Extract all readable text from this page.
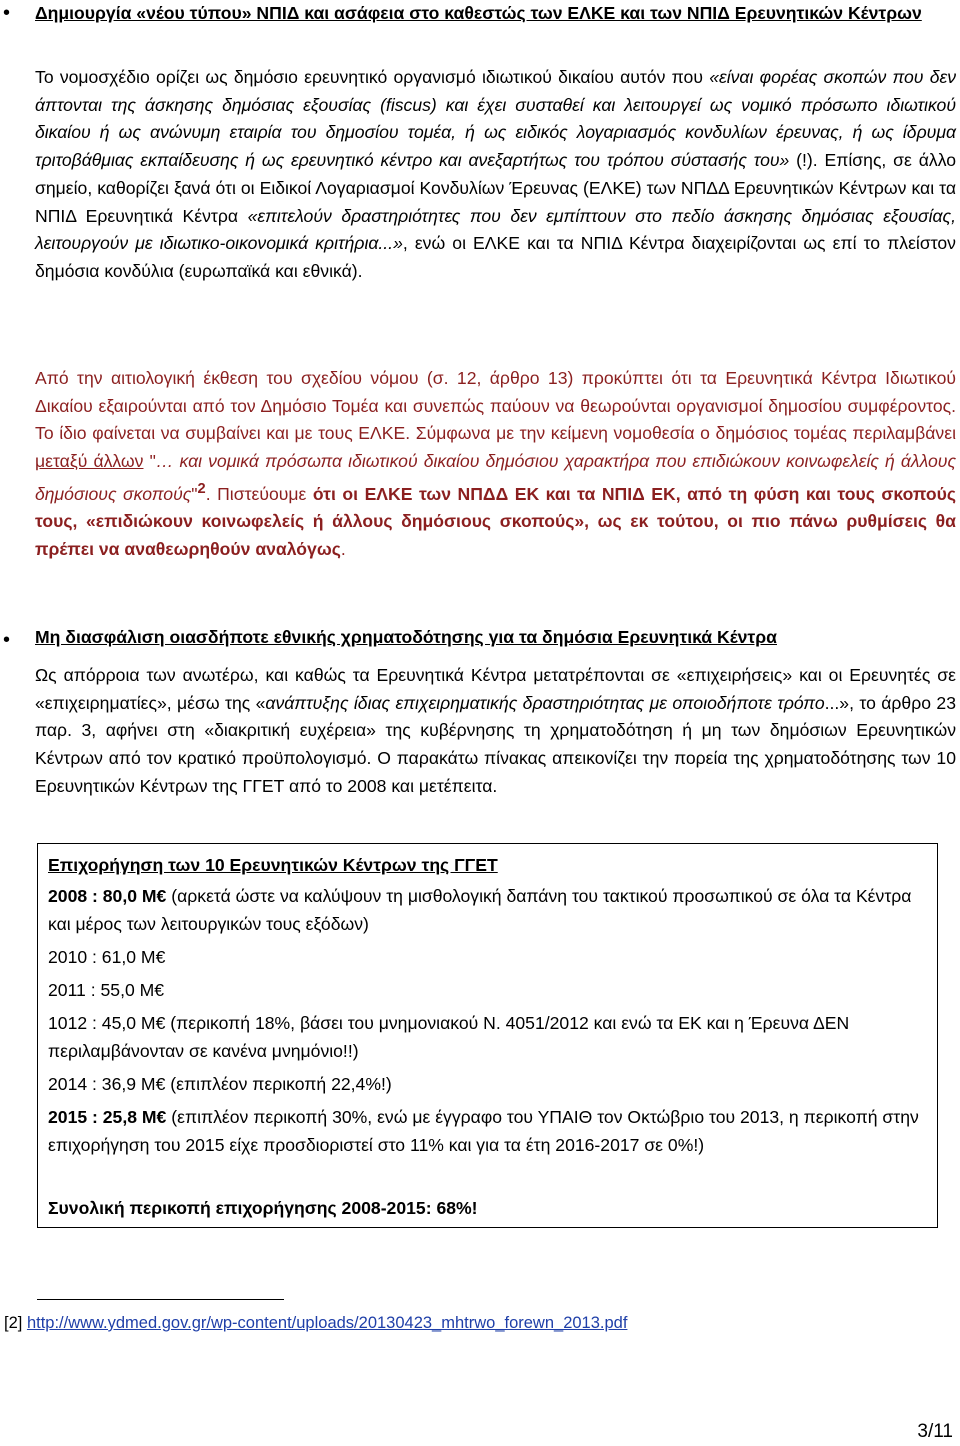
• Δημιουργία «νέου τύπου» ΝΠΙΔ και ασάφεια στο καθεστώς των ΕΛΚΕ και των ΝΠΙΔ Ερευνητικών Κέντρων

Το νομοσχέδιο ορίζει ως δημόσιο ερευνητικό οργανισμό ιδιωτικού δικαίου αυτόν που «είναι φορέας σκοπών που δεν άπτονται της άσκησης δημόσιας εξουσίας (fiscus) και έχει συσταθεί και λειτουργεί ως νομικό πρόσωπο ιδιωτικού δικαίου ή ως ανώνυμη εταιρία του δημοσίου τομέα, ή ως ειδικός λογαριασμός κονδυλίων έρευνας, ή ως ίδρυμα τριτοβάθμιας εκπαίδευσης ή ως ερευνητικό κέντρο και ανεξαρτήτως του τρόπου σύστασής του» (!). Επίσης, σε άλλο σημείο, καθορίζει ξανά ότι οι Ειδικοί Λογαριασμοί Κονδυλίων Έρευνας (ΕΛΚΕ) των ΝΠΔΔ Ερευνητικών Κέντρων και τα ΝΠΙΔ Ερευνητικά Κέντρα «επιτελούν δραστηριότητες που δεν εμπίπτουν στο πεδίο άσκησης δημόσιας εξουσίας, λειτουργούν με ιδιωτικο-οικονομικά κριτήρια...», ενώ οι ΕΛΚΕ και τα ΝΠΙΔ Κέντρα διαχειρίζονται ως επί το πλείστον δημόσια κονδύλια (ευρωπαϊκά και εθνικά).

Από την αιτιολογική έκθεση του σχεδίου νόμου (σ. 12, άρθρο 13) προκύπτει ότι τα Ερευνητικά Κέντρα Ιδιωτικού Δικαίου εξαιρούνται από τον Δημόσιο Τομέα και συνεπώς παύουν να θεωρούνται οργανισμοί δημοσίου συμφέροντος. Το ίδιο φαίνεται να συμβαίνει και με τους ΕΛΚΕ. Σύμφωνα με την κείμενη νομοθεσία ο δημόσιος τομέας περιλαμβάνει μεταξύ άλλων "… και νομικά πρόσωπα ιδιωτικού δικαίου δημόσιου χαρακτήρα που επιδιώκουν κοινωφελείς ή άλλους δημόσιους σκοπούς"$^2$. Πιστεύουμε ότι οι ΕΛΚΕ των ΝΠΔΔ ΕΚ και τα ΝΠΙΔ ΕΚ, από τη φύση και τους σκοπούς τους, «επιδιώκουν κοινωφελείς ή άλλους δημόσιους σκοπούς», ως εκ τούτου, οι πιο πάνω ρυθμίσεις θα πρέπει να αναθεωρηθούν αναλόγως.

• Μη διασφάλιση οιασδήποτε εθνικής χρηματοδότησης για τα δημόσια Ερευνητικά Κέντρα

Ως απόρροια των ανωτέρω, και καθώς τα Ερευνητικά Κέντρα μετατρέπονται σε «επιχειρήσεις» και οι Ερευνητές σε «επιχειρηματίες», μέσω της «ανάπτυξης ίδιας επιχειρηματικής δραστηριότητας με οποιοδήποτε τρόπο...», το άρθρο 23 παρ. 3, αφήνει στη «διακριτική ευχέρεια» της κυβέρνησης τη χρηματοδότηση ή μη των δημόσιων Ερευνητικών Κέντρων από τον κρατικό προϋπολογισμό. Ο παρακάτω πίνακας απεικονίζει την πορεία της χρηματοδότησης των 10 Ερευνητικών Κέντρων της ΓΓΕΤ από το 2008 και μετέπειτα.

Επιχορήγηση των 10 Ερευνητικών Κέντρων της ΓΓΕΤ
2008 : 80,0 Μ€ (αρκετά ώστε να καλύψουν τη μισθολογική δαπάνη του τακτικού προσωπικού σε όλα τα Κέντρα και μέρος των λειτουργικών τους εξόδων)
2010 : 61,0 Μ€
2011 : 55,0 Μ€
1012 : 45,0 Μ€ (περικοπή 18%, βάσει του μνημονιακού Ν. 4051/2012 και ενώ τα ΕΚ και η Έρευνα ΔΕΝ περιλαμβάνονταν σε κανένα μνημόνιο!!)
2014 : 36,9 Μ€ (επιπλέον περικοπή 22,4%!)
2015 : 25,8 Μ€ (επιπλέον περικοπή 30%, ενώ με έγγραφο του ΥΠΑΙΘ τον Οκτώβριο του 2013, η περικοπή στην επιχορήγηση του 2015 είχε προσδιοριστεί στο 11% και για τα έτη 2016-2017 σε 0%!)
Συνολική περικοπή επιχορήγησης 2008-2015: 68%!
[2] http://www.ydmed.gov.gr/wp-content/uploads/20130423_mhtrwo_forewn_2013.pdf
3/11
